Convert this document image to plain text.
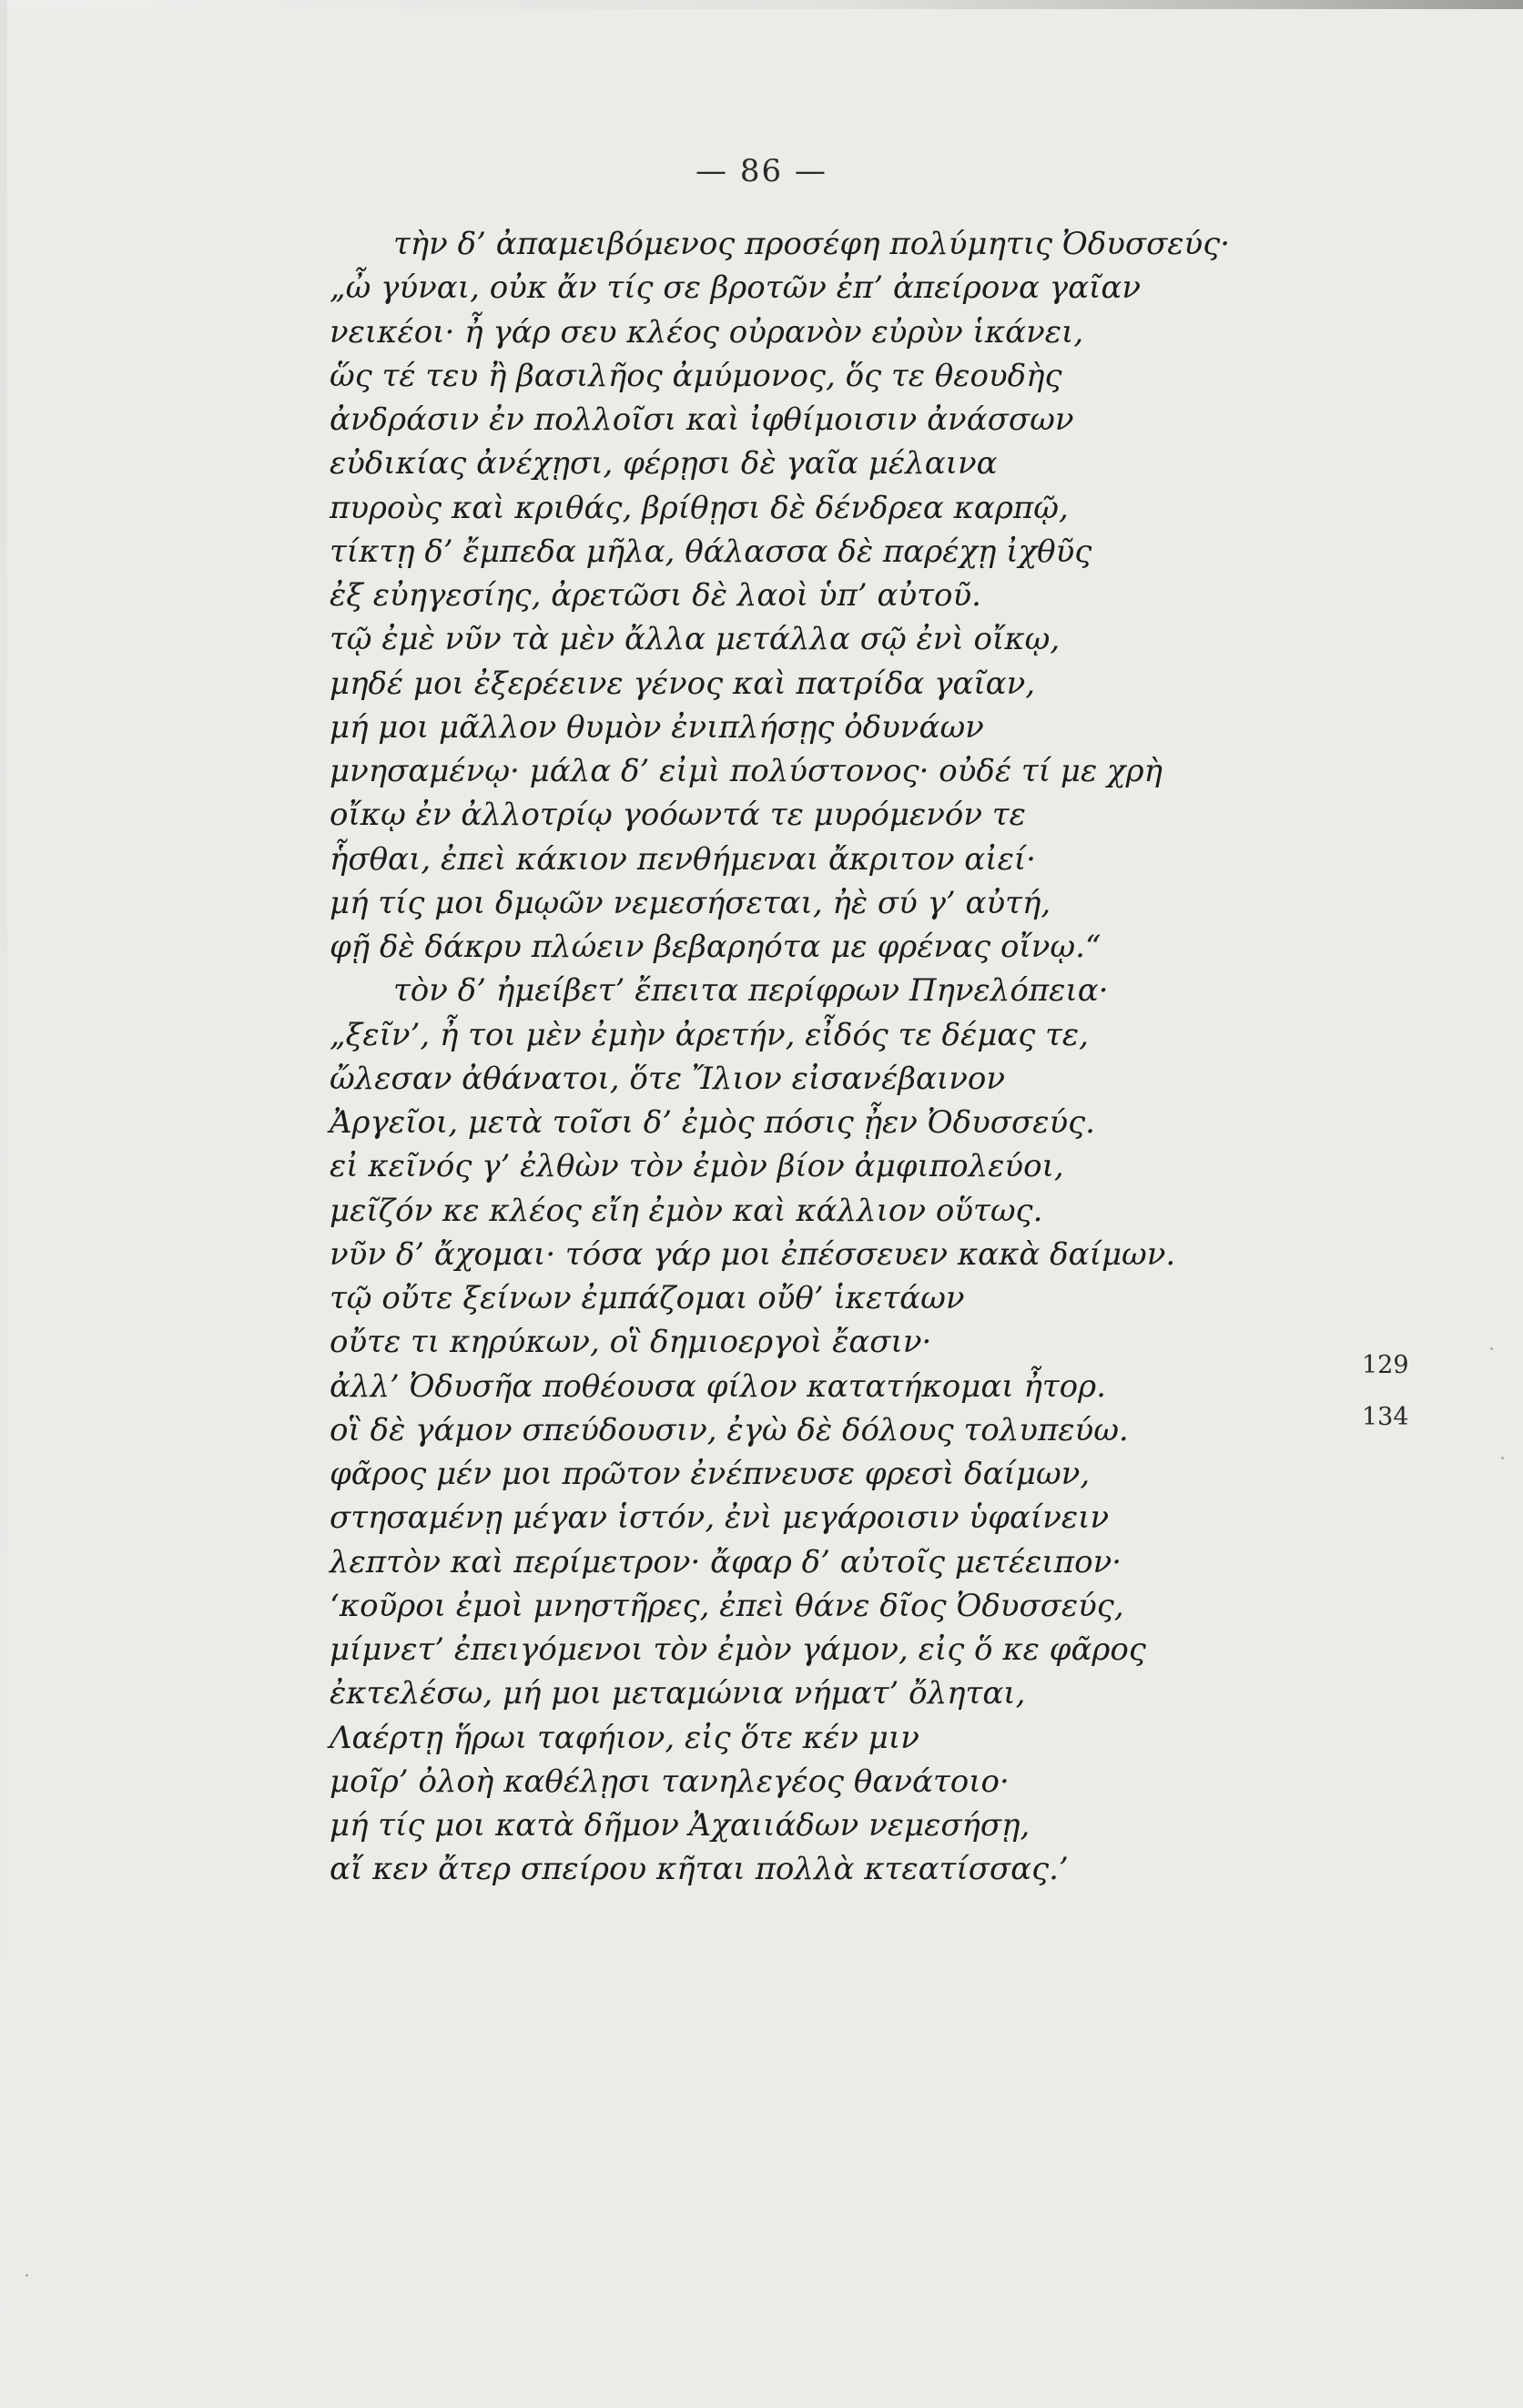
— 86 —
τὴν δ’ ἀπαμειβόμενος προσέφη πολύμητις Ὀδυσσεύς·
„ὦ γύναι, οὐκ ἄν τίς σε βροτῶν ἐπ’ ἀπείρονα γαῖαν
νεικέοι· ἦ γάρ σευ κλέος οὐρανὸν εὐρὺν ἱκάνει,
ὥς τέ τευ ἢ βασιλῆος ἀμύμονος, ὅς τε θεουδὴς
ἀνδράσιν ἐν πολλοῖσι καὶ ἰφθίμοισιν ἀνάσσων
εὐδικίας ἀνέχῃσι, φέρῃσι δὲ γαῖα μέλαινα
πυροὺς καὶ κριθάς, βρίθῃσι δὲ δένδρεα καρπῷ,
τίκτῃ δ’ ἔμπεδα μῆλα, θάλασσα δὲ παρέχῃ ἰχθῦς
ἐξ εὐηγεσίης, ἀρετῶσι δὲ λαοὶ ὑπ’ αὐτοῦ.
τῷ ἐμὲ νῦν τὰ μὲν ἄλλα μετάλλα σῷ ἐνὶ οἴκῳ,
μηδέ μοι ἐξερέεινε γένος καὶ πατρίδα γαῖαν,
μή μοι μᾶλλον θυμὸν ἐνιπλήσῃς ὀδυνάων
μνησαμένῳ· μάλα δ’ εἰμὶ πολύστονος· οὐδέ τί με χρὴ
οἴκῳ ἐν ἀλλοτρίῳ γοόωντά τε μυρόμενόν τε
ἧσθαι, ἐπεὶ κάκιον πενθήμεναι ἄκριτον αἰεί·
μή τίς μοι δμῳῶν νεμεσήσεται, ἠὲ σύ γ’ αὐτή,
φῇ δὲ δάκρυ πλώειν βεβαρηότα με φρένας οἴνῳ.“
τὸν δ’ ἠμείβετ’ ἔπειτα περίφρων Πηνελόπεια·
„ξεῖν’, ἦ τοι μὲν ἐμὴν ἀρετήν, εἶδός τε δέμας τε,
ὤλεσαν ἀθάνατοι, ὅτε Ἴλιον εἰσανέβαινον
Ἀργεῖοι, μετὰ τοῖσι δ’ ἐμὸς πόσις ᾖεν Ὀδυσσεύς.
εἰ κεῖνός γ’ ἐλθὼν τὸν ἐμὸν βίον ἀμφιπολεύοι,
μεῖζόν κε κλέος εἴη ἐμὸν καὶ κάλλιον οὕτως.
νῦν δ’ ἄχομαι· τόσα γάρ μοι ἐπέσσευεν κακὰ δαίμων.
τῷ οὔτε ξείνων ἐμπάζομαι οὔθ’ ἱκετάων
οὔτε τι κηρύκων, οἳ δημιοεργοὶ ἔασιν·
ἀλλ’ Ὀδυσῆα ποθέουσα φίλον κατατήκομαι ἦτορ.
οἳ δὲ γάμον σπεύδουσιν, ἐγὼ δὲ δόλους τολυπεύω.
φᾶρος μέν μοι πρῶτον ἐνέπνευσε φρεσὶ δαίμων,
στησαμένῃ μέγαν ἱστόν, ἐνὶ μεγάροισιν ὑφαίνειν
λεπτὸν καὶ περίμετρον· ἄφαρ δ’ αὐτοῖς μετέειπον·
‘κοῦροι ἐμοὶ μνηστῆρες, ἐπεὶ θάνε δῖος Ὀδυσσεύς,
μίμνετ’ ἐπειγόμενοι τὸν ἐμὸν γάμον, εἰς ὅ κε φᾶρος
ἐκτελέσω, μή μοι μεταμώνια νήματ’ ὄληται,
Λαέρτῃ ἥρωι ταφήιον, εἰς ὅτε κέν μιν
μοῖρ’ ὀλοὴ καθέλῃσι τανηλεγέος θανάτοιο·
μή τίς μοι κατὰ δῆμον Ἀχαιιάδων νεμεσήσῃ,
αἴ κεν ἄτερ σπείρου κῆται πολλὰ κτεατίσσας.’
129
134
